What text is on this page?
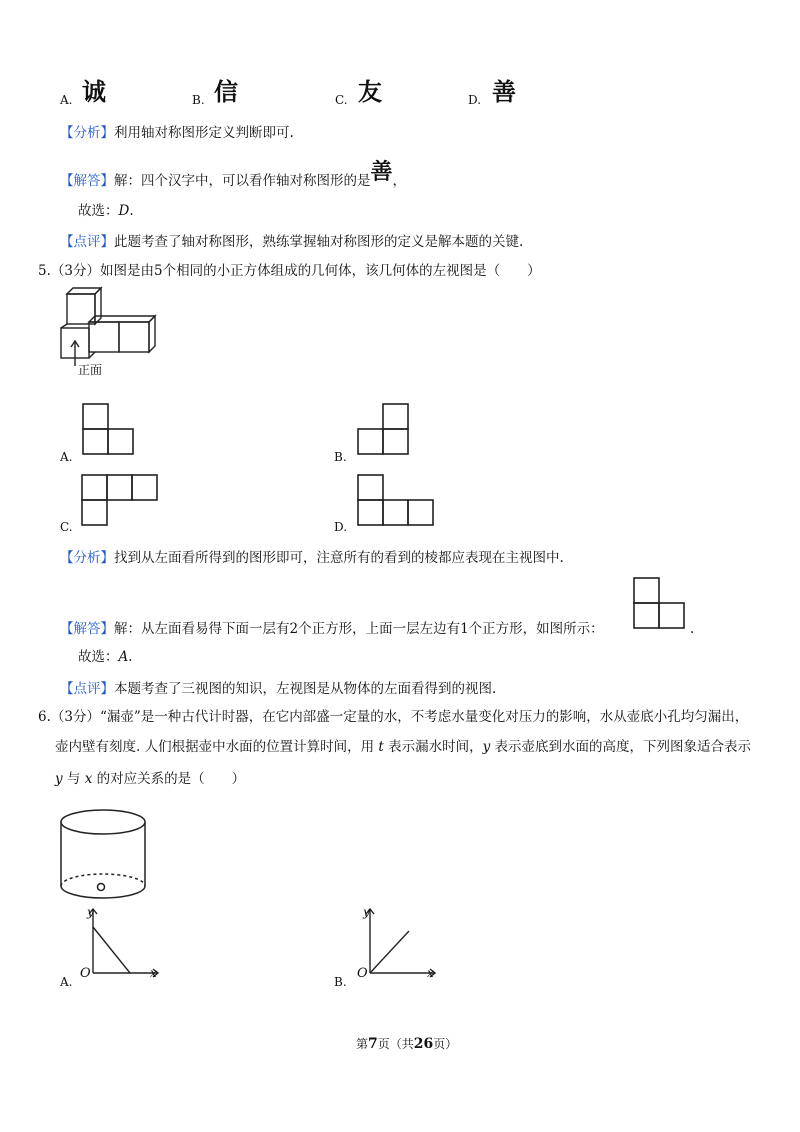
A. 诚	B. 信	C. 友	D. 善
【分析】利用轴对称图形定义判断即可.
【解答】解：四个汉字中，可以看作轴对称图形的是善，
故选：D.
【点评】此题考查了轴对称图形，熟练掌握轴对称图形的定义是解本题的关键.
5.（3分）如图是由5个相同的小正方体组成的几何体，该几何体的左视图是（　　）
正面
A.	B.
C.	D.
【分析】找到从左面看所得到的图形即可，注意所有的看到的棱都应表现在主视图中.
【解答】解：从左面看易得下面一层有2个正方形，上面一层左边有1个正方形，如图所示：	.
故选：A.
【点评】本题考查了三视图的知识，左视图是从物体的左面看得到的视图.
6.（3分）“漏壶”是一种古代计时器，在它内部盛一定量的水，不考虑水量变化对压力的影响，水从壶底小孔均匀漏出，
壶内壁有刻度. 人们根据壶中水面的位置计算时间，用 t 表示漏水时间，y 表示壶底到水面的高度，下列图象适合表示
y 与 x 的对应关系的是（　　）
A.
y
x
O
B.
y
x
O
第7页（共26页）
